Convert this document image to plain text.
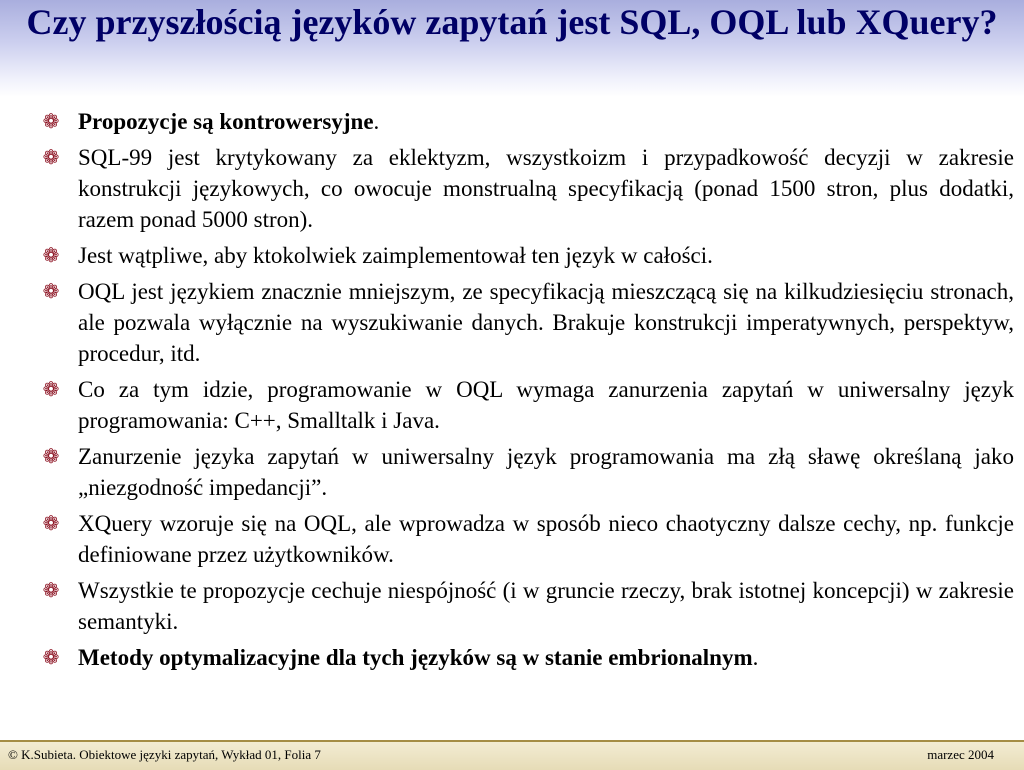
Czy przyszłością języków zapytań jest SQL, OQL lub XQuery?
❁ Propozycje są kontrowersyjne.
❁ SQL-99 jest krytykowany za eklektyzm, wszystkoizm i przypadkowość decyzji w zakresie konstrukcji językowych, co owocuje monstrualną specyfikacją (ponad 1500 stron, plus dodatki, razem ponad 5000 stron).
❁ Jest wątpliwe, aby ktokolwiek zaimplementował ten język w całości.
❁ OQL jest językiem znacznie mniejszym, ze specyfikacją mieszczącą się na kilkudziesięciu stronach, ale pozwala wyłącznie na wyszukiwanie danych. Brakuje konstrukcji imperatywnych, perspektyw, procedur, itd.
❁ Co za tym idzie, programowanie w OQL wymaga zanurzenia zapytań w uniwersalny język programowania: C++, Smalltalk i Java.
❁ Zanurzenie języka zapytań w uniwersalny język programowania ma złą sławę określaną jako „niezgodność impedancji”.
❁ XQuery wzoruje się na OQL, ale wprowadza w sposób nieco chaotyczny dalsze cechy, np. funkcje definiowane przez użytkowników.
❁ Wszystkie te propozycje cechuje niespójność (i w gruncie rzeczy, brak istotnej koncepcji) w zakresie semantyki.
❁ Metody optymalizacyjne dla tych języków są w stanie embrionalnym.
© K.Subieta. Obiektowe języki zapytań, Wykład 01, Folia 7	marzec 2004
